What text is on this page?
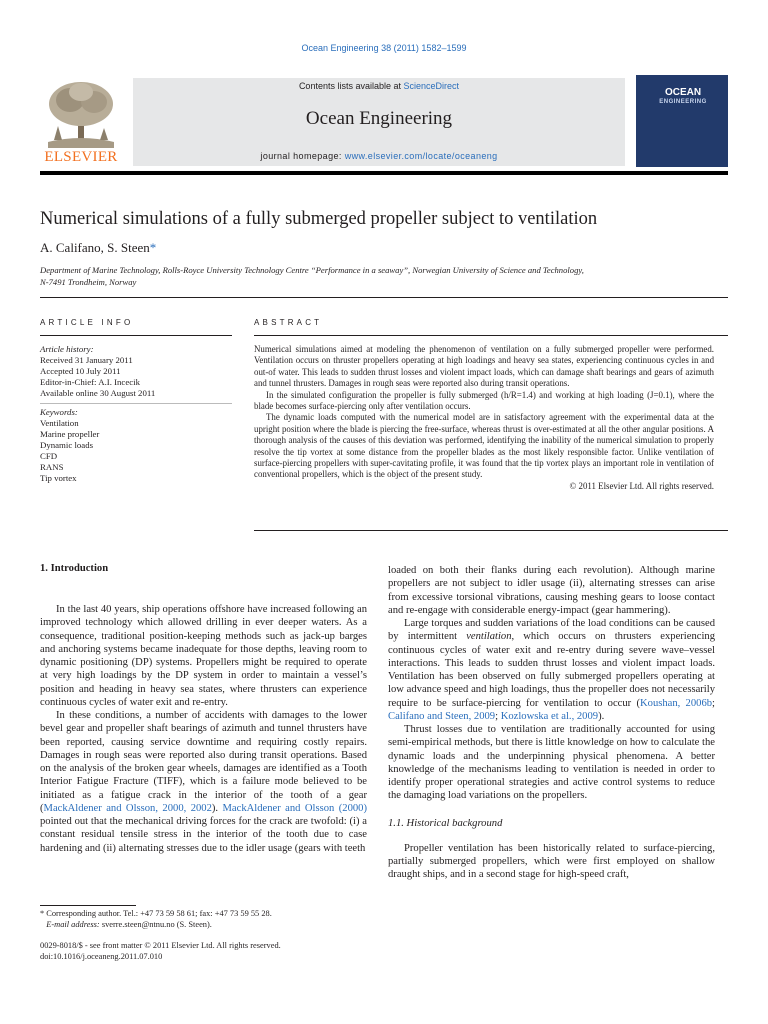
Ocean Engineering 38 (2011) 1582–1599
ELSEVIER
Contents lists available at ScienceDirect
Ocean Engineering
journal homepage: www.elsevier.com/locate/oceaneng
OCEAN
ENGINEERING
Numerical simulations of a fully submerged propeller subject to ventilation
A. Califano, S. Steen*
Department of Marine Technology, Rolls-Royce University Technology Centre “Performance in a seaway”, Norwegian University of Science and Technology,
N-7491 Trondheim, Norway
ARTICLE INFO	ABSTRACT
Article history:
Received 31 January 2011
Accepted 10 July 2011
Editor-in-Chief: A.I. Incecik
Available online 30 August 2011
Keywords:
Ventilation
Marine propeller
Dynamic loads
CFD
RANS
Tip vortex

Numerical simulations aimed at modeling the phenomenon of ventilation on a fully submerged propeller were performed. Ventilation occurs on thruster propellers operating at high loadings and heavy sea states, experiencing continuous cycles in and out-of water. This leads to sudden thrust losses and violent impact loads, which can damage shaft bearings and gears of azimuth and tunnel thrusters. Damages in rough seas were reported also during transit operations.

In the simulated configuration the propeller is fully submerged (h/R=1.4) and working at high loading (J=0.1), where the blade becomes surface-piercing only after ventilation occurs.

The dynamic loads computed with the numerical model are in satisfactory agreement with the experimental data at the upright position where the blade is piercing the free-surface, whereas thrust is over-estimated at all the other angular positions. A thorough analysis of the causes of this deviation was performed, identifying the inability of the numerical simulation to properly resolve the tip vortex at some distance from the propeller blades as the most likely responsible factor. Unlike ventilation of surface-piercing propellers with super-cavitating profile, it was found that the tip vortex plays an important role in ventilation of conventional propellers, which is the object of the present study.

© 2011 Elsevier Ltd. All rights reserved.

1. Introduction

In the last 40 years, ship operations offshore have increased following an improved technology which allowed drilling in ever deeper waters. As a consequence, traditional position-keeping methods such as jack-up barges and anchoring systems became inadequate for those depths, leaving room to dynamic positioning (DP) systems. Propellers might be required to operate at very high loadings by the DP system in order to maintain a vessel’s position and heading in heavy sea states, where thrusters can experience continuous cycles of water exit and re-entry.

In these conditions, a number of accidents with damages to the lower bevel gear and propeller shaft bearings of azimuth and tunnel thrusters have been reported, causing service downtime and requiring costly repairs. Damages in rough seas were reported also during transit operations. Based on the analysis of the broken gear wheels, damages are identified as a Tooth Interior Fatigue Fracture (TIFF), which is a failure mode believed to be initiated as a fatigue crack in the interior of the tooth of a gear (MackAldener and Olsson, 2000, 2002). MackAldener and Olsson (2000) pointed out that the mechanical driving forces for the crack are twofold: (i) a constant residual tensile stress in the interior of the tooth due to case hardening and (ii) alternating stresses due to the idler usage (gears with teeth

loaded on both their flanks during each revolution). Although marine propellers are not subject to idler usage (ii), alternating stresses can arise from excessive torsional vibrations, causing meshing gears to loose contact and re-engage with considerable energy-impact (gear hammering).

Large torques and sudden variations of the load conditions can be caused by intermittent ventilation, which occurs on thrusters experiencing continuous cycles of water exit and re-entry during severe wave–vessel interactions. This leads to sudden thrust losses and violent impact loads. Ventilation has been observed on fully submerged propellers operating at low advance speed and high loadings, thus the propeller does not necessarily require to be surface-piercing for ventilation to occur (Koushan, 2006b; Califano and Steen, 2009; Kozlowska et al., 2009).

Thrust losses due to ventilation are traditionally accounted for using semi-empirical methods, but there is little knowledge on how to calculate the dynamic loads and the underpinning physical phenomena. A better knowledge of the mechanisms leading to ventilation is needed in order to identify proper operational strategies and active control systems to reduce the damaging load variations on the propellers.

1.1. Historical background

Propeller ventilation has been historically related to surface-piercing, partially submerged propellers, which were first employed on shallow draught ships, and in a second stage for high-speed craft,

* Corresponding author. Tel.: +47 73 59 58 61; fax: +47 73 59 55 28.
E-mail address: sverre.steen@ntnu.no (S. Steen).
0029-8018/$ - see front matter © 2011 Elsevier Ltd. All rights reserved.
doi:10.1016/j.oceaneng.2011.07.010
